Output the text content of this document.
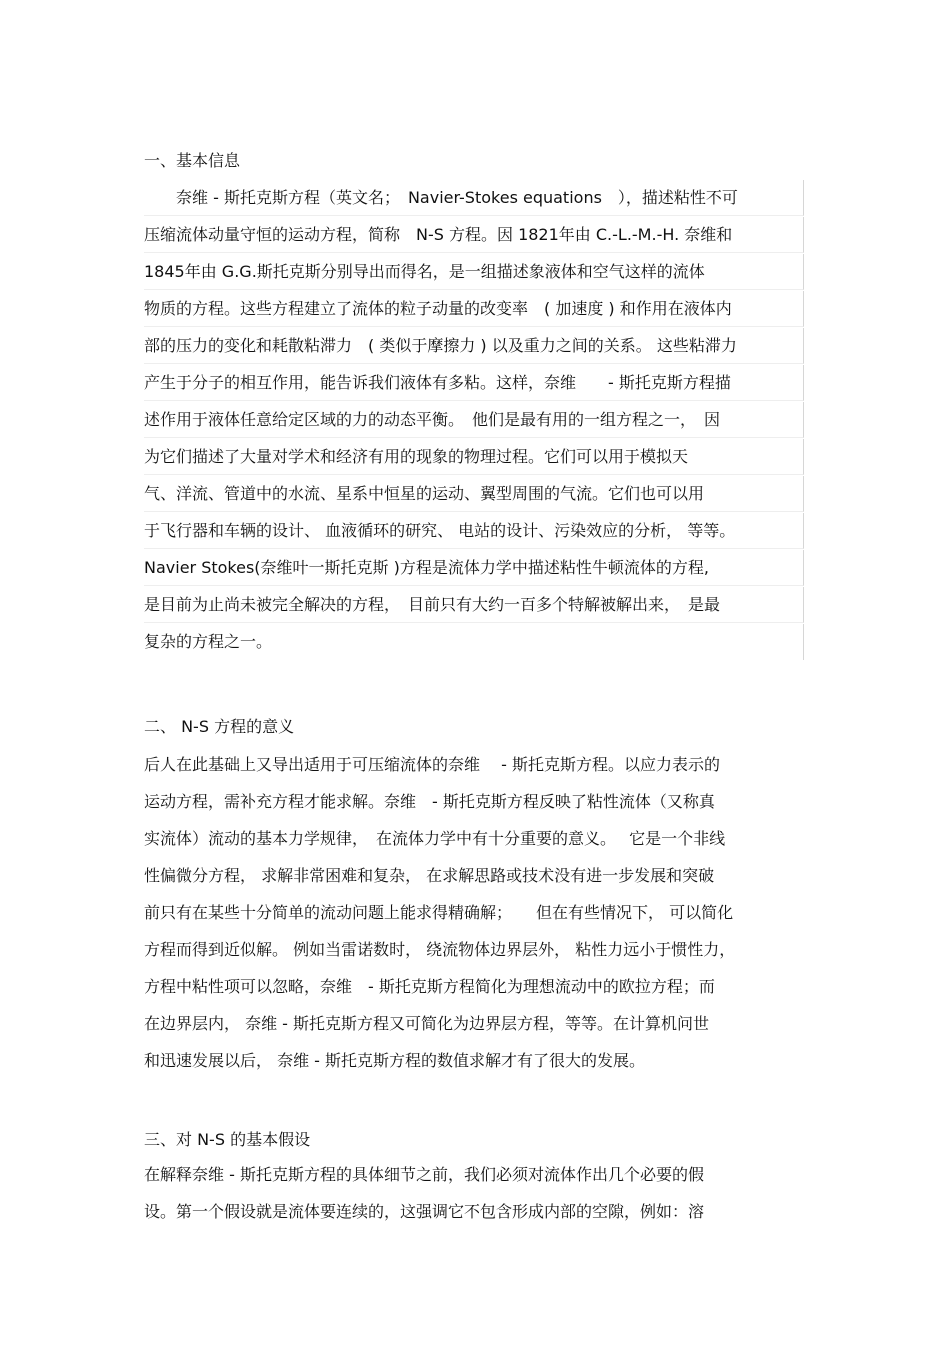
一、基本信息
　　奈维 - 斯托克斯方程（英文名；　Navier-Stokes equations　），描述粘性不可
压缩流体动量守恒的运动方程，简称　N-S 方程。因 1821年由 C.-L.-M.-H. 奈维和
1845年由 G.G.斯托克斯分别导出而得名，是一组描述象液体和空气这样的流体
物质的方程。这些方程建立了流体的粒子动量的改变率　( 加速度 ) 和作用在液体内
部的压力的变化和耗散粘滞力　( 类似于摩擦力 ) 以及重力之间的关系。 这些粘滞力
产生于分子的相互作用，能告诉我们液体有多粘。这样，奈维　　- 斯托克斯方程描
述作用于液体任意给定区域的力的动态平衡。　他们是最有用的一组方程之一，　因
为它们描述了大量对学术和经济有用的现象的物理过程。它们可以用于模拟天
气、洋流、管道中的水流、星系中恒星的运动、翼型周围的气流。它们也可以用
于飞行器和车辆的设计、 血液循环的研究、 电站的设计、污染效应的分析， 等等。
Navier Stokes(奈维叶一斯托克斯 )方程是流体力学中描述粘性牛顿流体的方程,
是目前为止尚未被完全解决的方程，　目前只有大约一百多个特解被解出来，　是最
复杂的方程之一。
二、 N-S 方程的意义
后人在此基础上又导出适用于可压缩流体的奈维　 - 斯托克斯方程。以应力表示的
运动方程，需补充方程才能求解。奈维　- 斯托克斯方程反映了粘性流体（又称真
实流体）流动的基本力学规律，　在流体力学中有十分重要的意义。　 它是一个非线
性偏微分方程， 求解非常困难和复杂， 在求解思路或技术没有进一步发展和突破
前只有在某些十分简单的流动问题上能求得精确解；　　但在有些情况下， 可以简化
方程而得到近似解。 例如当雷诺数时， 绕流物体边界层外， 粘性力远小于惯性力，
方程中粘性项可以忽略，奈维　- 斯托克斯方程简化为理想流动中的欧拉方程；而
在边界层内， 奈维 - 斯托克斯方程又可简化为边界层方程，等等。在计算机问世
和迅速发展以后， 奈维 - 斯托克斯方程的数值求解才有了很大的发展。
三、对 N-S 的基本假设
在解释奈维 - 斯托克斯方程的具体细节之前，我们必须对流体作出几个必要的假
设。第一个假设就是流体要连续的，这强调它不包含形成内部的空隙，例如：溶
